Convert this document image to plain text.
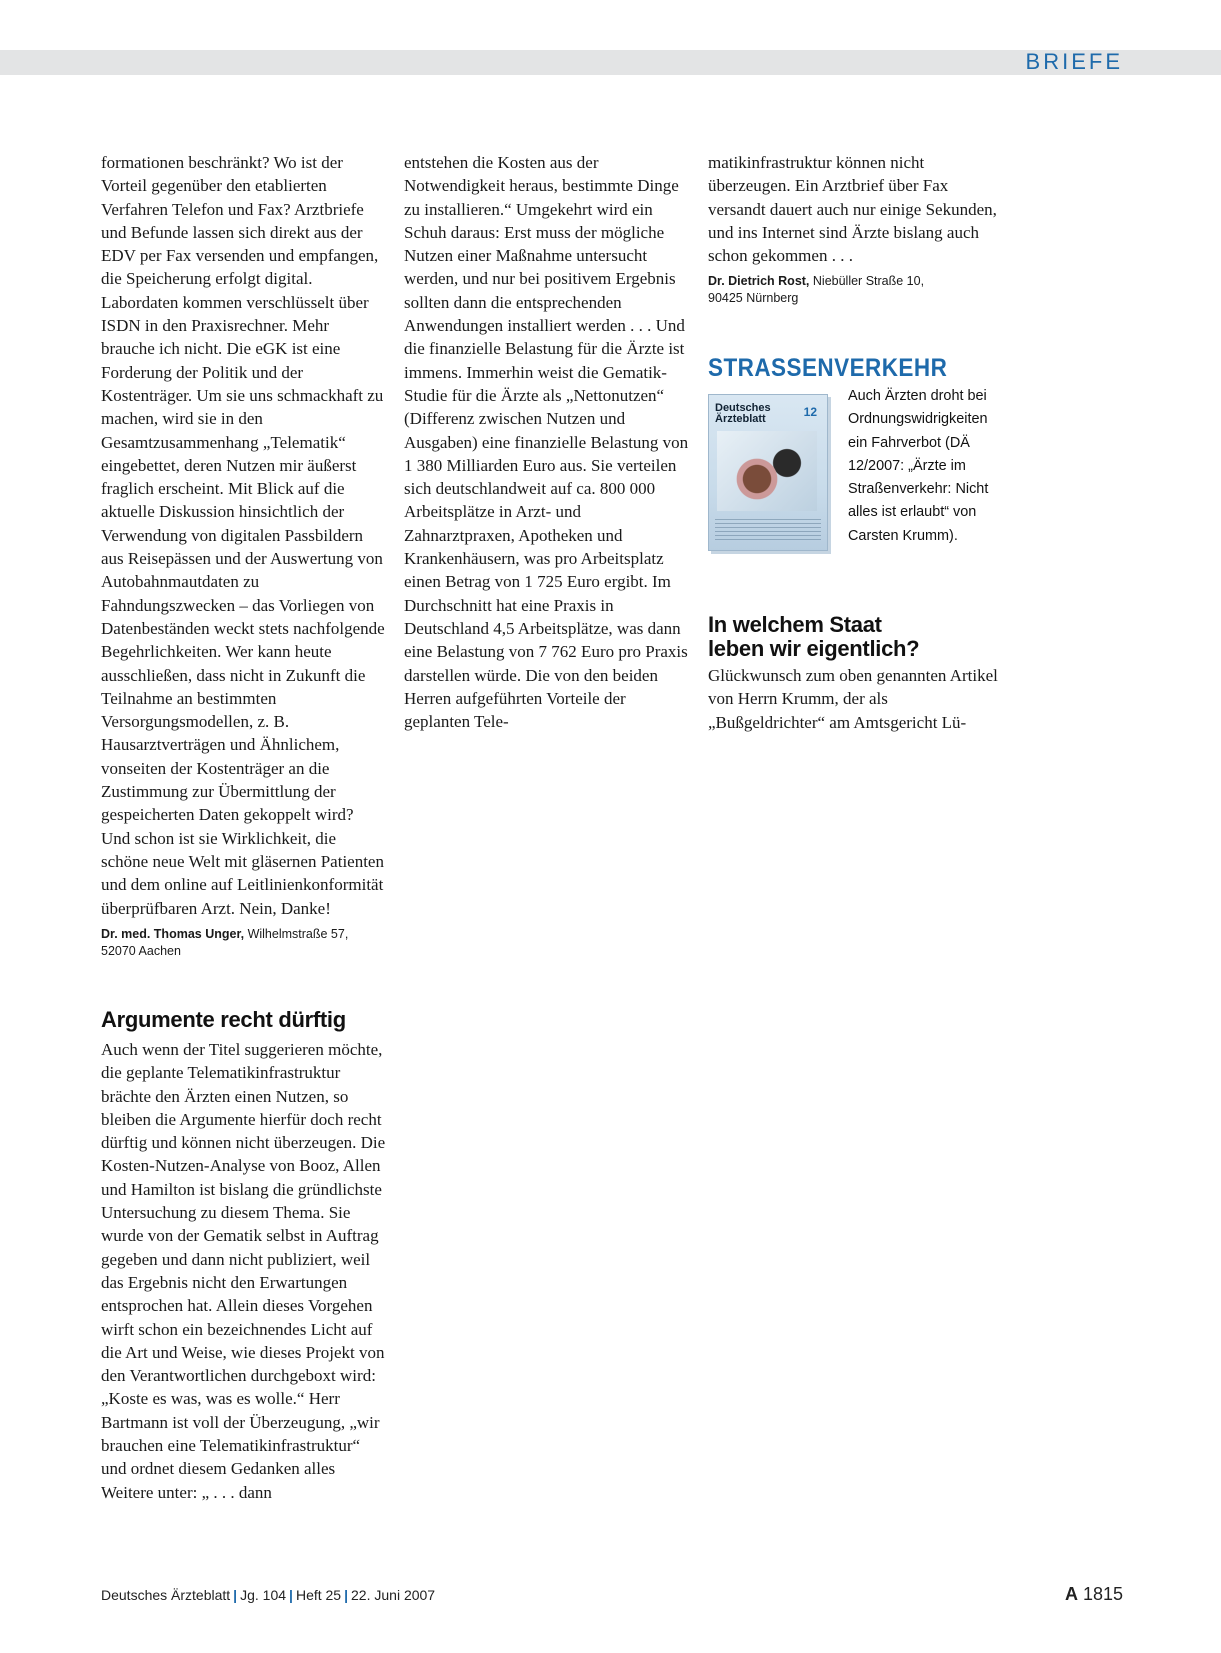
BRIEFE

formationen beschränkt? Wo ist der Vorteil gegenüber den etablierten Verfahren Telefon und Fax? Arztbriefe und Befunde lassen sich direkt aus der EDV per Fax versenden und empfangen, die Speicherung erfolgt digital. Labordaten kommen verschlüsselt über ISDN in den Praxisrechner. Mehr brauche ich nicht. Die eGK ist eine Forderung der Politik und der Kostenträger. Um sie uns schmackhaft zu machen, wird sie in den Gesamtzusammenhang „Telematik“ eingebettet, deren Nutzen mir äußerst fraglich erscheint. Mit Blick auf die aktuelle Diskussion hinsichtlich der Verwendung von digitalen Passbildern aus Reisepässen und der Auswertung von Autobahnmautdaten zu Fahndungszwecken – das Vorliegen von Datenbeständen weckt stets nachfolgende Begehrlichkeiten. Wer kann heute ausschließen, dass nicht in Zukunft die Teilnahme an bestimmten Versorgungsmodellen, z. B. Hausarztverträgen und Ähnlichem, vonseiten der Kostenträger an die Zustimmung zur Übermittlung der gespeicherten Daten gekoppelt wird? Und schon ist sie Wirklichkeit, die schöne neue Welt mit gläsernen Patienten und dem online auf Leitlinienkonformität überprüfbaren Arzt. Nein, Danke!

Dr. med. Thomas Unger, Wilhelmstraße 57,
52070 Aachen

Argumente recht dürftig

Auch wenn der Titel suggerieren möchte, die geplante Telematikinfrastruktur brächte den Ärzten einen Nutzen, so bleiben die Argumente hierfür doch recht dürftig und können nicht überzeugen. Die Kosten-Nutzen-Analyse von Booz, Allen und Hamilton ist bislang die gründlichste Untersuchung zu diesem Thema. Sie wurde von der Gematik selbst in Auftrag gegeben und dann nicht publiziert, weil das Ergebnis nicht den Erwartungen entsprochen hat. Allein dieses Vorgehen wirft schon ein bezeichnendes Licht auf die Art und Weise, wie dieses Projekt von den Verantwortlichen durchgeboxt wird: „Koste es was, was es wolle.“ Herr Bartmann ist voll der Überzeugung, „wir brauchen eine Telematikinfrastruktur“ und ordnet diesem Gedanken alles Weitere unter: „ . . . dann

entstehen die Kosten aus der Notwendigkeit heraus, bestimmte Dinge zu installieren.“ Umgekehrt wird ein Schuh daraus: Erst muss der mögliche Nutzen einer Maßnahme untersucht werden, und nur bei positivem Ergebnis sollten dann die entsprechenden Anwendungen installiert werden . . . Und die finanzielle Belastung für die Ärzte ist immens. Immerhin weist die Gematik-Studie für die Ärzte als „Nettonutzen“ (Differenz zwischen Nutzen und Ausgaben) eine finanzielle Belastung von 1 380 Milliarden Euro aus. Sie verteilen sich deutschlandweit auf ca. 800 000 Arbeitsplätze in Arzt- und Zahnarztpraxen, Apotheken und Krankenhäusern, was pro Arbeitsplatz einen Betrag von 1 725 Euro ergibt. Im Durchschnitt hat eine Praxis in Deutschland 4,5 Arbeitsplätze, was dann eine Belastung von 7 762 Euro pro Praxis darstellen würde. Die von den beiden Herren aufgeführten Vorteile der geplanten Tele-

matikinfrastruktur können nicht überzeugen. Ein Arztbrief über Fax versandt dauert auch nur einige Sekunden, und ins Internet sind Ärzte bislang auch schon gekommen . . .

Dr. Dietrich Rost, Niebüller Straße 10,
90425 Nürnberg

STRASSENVERKEHR
Deutsches
Ärzteblatt	12
Auch Ärzten droht bei Ordnungswidrigkeiten ein Fahrverbot (DÄ 12/2007: „Ärzte im Straßenverkehr: Nicht alles ist erlaubt“ von Carsten Krumm).
In welchem Staat
leben wir eigentlich?

Glückwunsch zum oben genannten Artikel von Herrn Krumm, der als „Bußgeldrichter“ am Amtsgericht Lü-

Deutsches Ärzteblatt | Jg. 104 | Heft 25 | 22. Juni 2007	A 1815
